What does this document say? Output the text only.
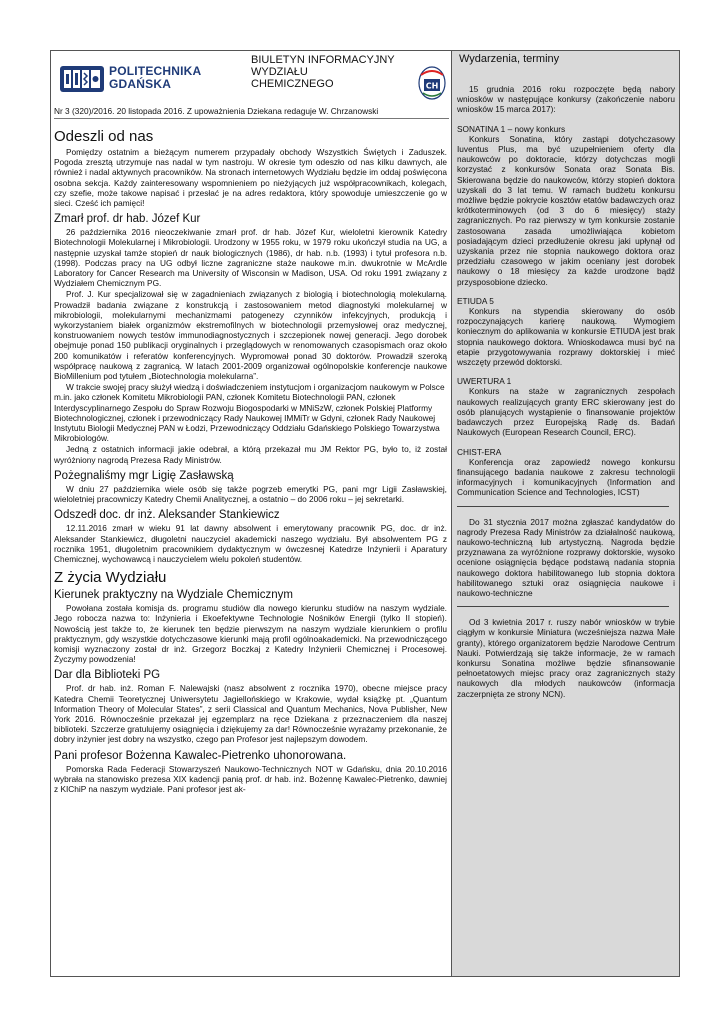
POLITECHNIKA
GDAŃSKA
BIULETYN INFORMACYJNY
WYDZIAŁU
CHEMICZNEGO	CH
Nr 3 (320)/2016. 20 listopada 2016. Z upoważnienia Dziekana redaguje W. Chrzanowski
Odeszli od nas

Pomiędzy ostatnim a bieżącym numerem przypadały obchody Wszystkich Świętych i Zaduszek. Pogoda zresztą utrzymuje nas nadal w tym nastroju. W okresie tym odeszło od nas kilku dawnych, ale również i nadal aktywnych pracowników. Na stronach internetowych Wydziału będzie im oddaj poświęcona osobna sekcja. Każdy zainteresowany wspomnieniem po nieżyjących już współpracownikach, kolegach, czy szefie, może takowe napisać i przesłać je na adres redaktora, który spowoduje umieszczenie go w sieci. Cześć ich pamięci!

Zmarł prof. dr hab. Józef Kur

26 października 2016 nieoczekiwanie zmarł prof. dr hab. Józef Kur, wieloletni kierownik Katedry Biotechnologii Molekularnej i Mikrobiologii. Urodzony w 1955 roku, w 1979 roku ukończył studia na UG, a następnie uzyskał tamże stopień dr nauk biologicznych (1986), dr hab. n.b. (1993) i tytuł profesora n.b. (1998). Podczas pracy na UG odbył liczne zagraniczne staże naukowe m.in. dwukrotnie w McArdle Laboratory for Cancer Research ma University of Wisconsin w Madison, USA. Od roku 1991 związany z Wydziałem Chemicznym PG.

Prof. J. Kur specjalizował się w zagadnieniach związanych z biologią i biotechnologią molekularną. Prowadził badania związane z konstrukcją i zastosowaniem metod diagnostyki molekularnej w mikrobiologii, molekularnymi mechanizmami patogenezy czynników infekcyjnych, produkcją i wykorzystaniem białek organizmów ekstremofilnych w biotechnologii przemysłowej oraz medycznej, konstruowaniem nowych testów immunodiagnostycznych i szczepionek nowej generacji. Jego dorobek obejmuje ponad 150 publikacji oryginalnych i przeglądowych w renomowanych czasopismach oraz około 200 komunikatów i referatów konferencyjnych. Wypromował ponad 30 doktorów. Prowadził szeroką współpracę naukową z zagranicą. W latach 2001-2009 organizował ogólnopolskie konferencje naukowe BioMillenium pod tytułem „Biotechnologia molekularna”.

W trakcie swojej pracy służył wiedzą i doświadczeniem instytucjom i organizacjom naukowym w Polsce m.in. jako członek Komitetu Mikrobiologii PAN, członek Komitetu Biotechnologii PAN, członek Interdyscyplinarnego Zespołu do Spraw Rozwoju Biogospodarki w MNiSzW, członek Polskiej Platformy Biotechnologicznej, członek i przewodniczący Rady Naukowej IMMiTr w Gdyni, członek Rady Naukowej Instytutu Biologii Medycznej PAN w Łodzi, Przewodniczący Oddziału Gdańskiego Polskiego Towarzystwa Mikrobiologów.

Jedną z ostatnich informacji jakie odebrał, a którą przekazał mu JM Rektor PG, było to, iż został wyróżniony nagrodą Prezesa Rady Ministrów.

Pożegnaliśmy mgr Ligię Zasławską

W dniu 27 października wiele osób się także pogrzeb emerytki PG, pani mgr Ligii Zasławskiej, wieloletniej pracowniczy Katedry Chemii Analitycznej, a ostatnio – do 2006 roku – jej sekretarki.

Odszedł doc. dr inż. Aleksander Stankiewicz

12.11.2016 zmarł w wieku 91 lat dawny absolwent i emerytowany pracownik PG, doc. dr inż. Aleksander Stankiewicz, długoletni nauczyciel akademicki naszego wydziału. Był absolwentem PG z rocznika 1951, długoletnim pracownikiem dydaktycznym w ówczesnej Katedrze Inżynierii i Aparatury Chemicznej, wychowawcą i nauczycielem wielu pokoleń studentów.

Z życia Wydziału
Kierunek praktyczny na Wydziale Chemicznym

Powołana została komisja ds. programu studiów dla nowego kierunku studiów na naszym wydziale. Jego robocza nazwa to: Inżynieria i Ekoefektywne Technologie Nośników Energii (tylko II stopień). Nowością jest także to, że kierunek ten będzie pierwszym na naszym wydziale kierunkiem o profilu praktycznym, gdy wszystkie dotychczasowe kierunki mają profil ogólnoakademicki. Na przewodniczącego komisji wyznaczony został dr inż. Grzegorz Boczkaj z Katedry Inżynierii Chemicznej i Procesowej. Życzymy powodzenia!

Dar dla Biblioteki PG

Prof. dr hab. inż. Roman F. Nalewajski (nasz absolwent z rocznika 1970), obecne miejsce pracy Katedra Chemii Teoretycznej Uniwersytetu Jagiellońskiego w Krakowie, wydał książkę pt. „Quantum Information Theory of Molecular States”, z serii Classical and Quantum Mechanics, Nova Publisher, New York 2016. Równocześnie przekazał jej egzemplarz na ręce Dziekana z przeznaczeniem dla naszej biblioteki. Szczerze gratulujemy osiągnięcia i dziękujemy za dar! Równocześnie wyrażamy przekonanie, że dobry inżynier jest dobry na wszystko, czego pan Profesor jest najlepszym dowodem.

Pani profesor Bożenna Kawalec-Pietrenko uhonorowana.

Pomorska Rada Federacji Stowarzyszeń Naukowo-Technicznych NOT w Gdańsku, dnia 20.10.2016 wybrała na stanowisko prezesa XIX kadencji panią prof. dr hab. inż. Bożennę Kawalec-Pietrenko, dawniej z KIChiP na naszym wydziale. Pani profesor jest ak-

Wydarzenia, terminy

15 grudnia 2016 roku rozpoczęte będą nabory wniosków w następujące konkursy (zakończenie naboru wniosków 15 marca 2017):

SONATINA 1 – nowy konkurs

Konkurs Sonatina, który zastąpi dotychczasowy Iuventus Plus, ma być uzupełnieniem oferty dla naukowców po doktoracie, którzy dotychczas mogli korzystać z konkursów Sonata oraz Sonata Bis. Skierowana będzie do naukowców, którzy stopień doktora uzyskali do 3 lat temu. W ramach budżetu konkursu możliwe będzie pokrycie kosztów etatów badawczych oraz krótkoterminowych (od 3 do 6 miesięcy) staży zagranicznych. Po raz pierwszy w tym konkursie zostanie zastosowana zasada umożliwiająca kobietom posiadającym dzieci przedłużenie okresu jaki upłynął od uzyskania przez nie stopnia naukowego doktora oraz przedziału czasowego w jakim oceniany jest dorobek naukowy o 18 miesięcy za każde urodzone bądź przysposobione dziecko.

ETIUDA 5

Konkurs na stypendia skierowany do osób rozpoczynających karierę naukową. Wymogiem koniecznym do aplikowania w konkursie ETIUDA jest brak stopnia naukowego doktora. Wnioskodawca musi być na etapie przygotowywania rozprawy doktorskiej i mieć wszczęty przewód doktorski.

UWERTURA 1

Konkurs na staże w zagranicznych zespołach naukowych realizujących granty ERC skierowany jest do osób planujących wystąpienie o finansowanie projektów badawczych przez Europejską Radę ds. Badań Naukowych (European Research Council, ERC).

CHIST-ERA

Konferencja oraz zapowiedź nowego konkursu finansującego badania naukowe z zakresu technologii informacyjnych i komunikacyjnych (Information and Communication Science and Technologies, ICST)

Do 31 stycznia 2017 można zgłaszać kandydatów do nagrody Prezesa Rady Ministrów za działalność naukową, naukowo-techniczną lub artystyczną. Nagroda będzie przyznawana za wyróżnione rozprawy doktorskie, wysoko ocenione osiągnięcia będące podstawą nadania stopnia naukowego doktora habilitowanego lub stopnia doktora habilitowanego sztuki oraz osiągnięcia naukowe i naukowo-techniczne

Od 3 kwietnia 2017 r. ruszy nabór wniosków w trybie ciągłym w konkursie Miniatura (wcześniejsza nazwa Małe granty), którego organizatorem będzie Narodowe Centrum Nauki. Potwierdzają się także informacje, że w ramach konkursu Sonatina możliwe będzie sfinansowanie pełnoetatowych miejsc pracy oraz zagranicznych staży naukowych dla młodych naukowców (informacja zaczerpnięta ze strony NCN).
